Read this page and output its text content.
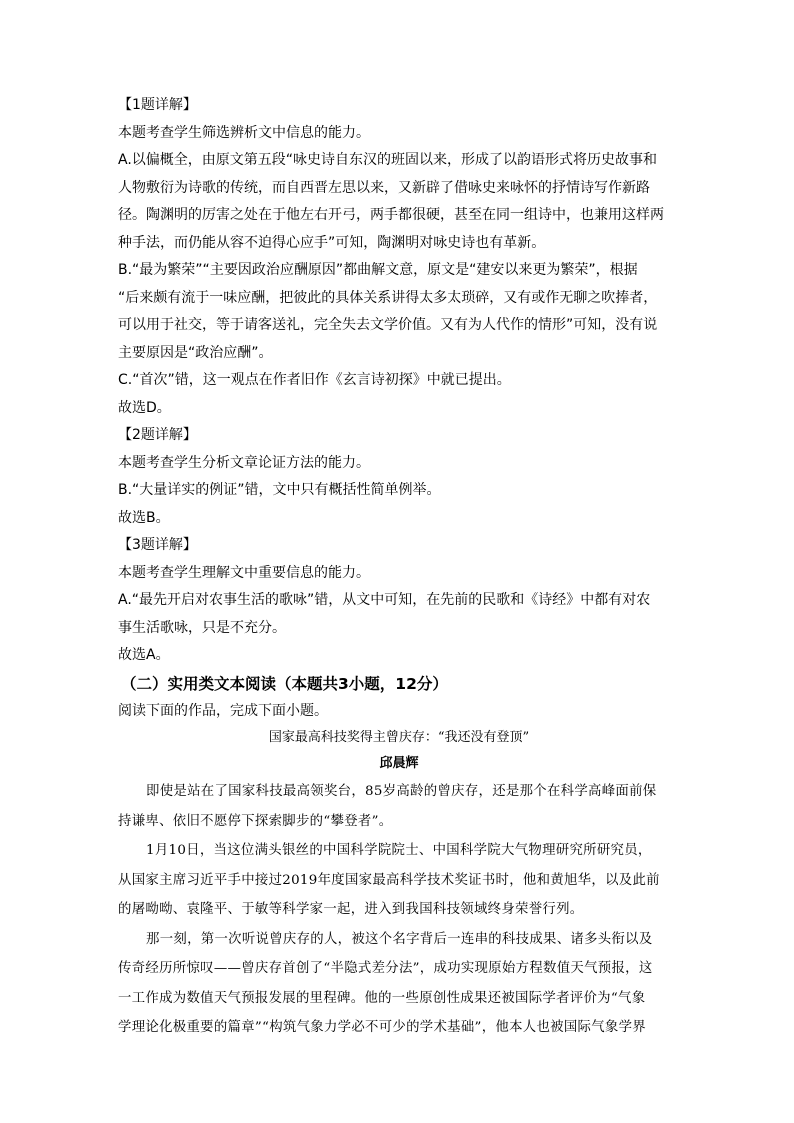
【1题详解】
本题考查学生筛选辨析文中信息的能力。
A.以偏概全，由原文第五段“咏史诗自东汉的班固以来，形成了以韵语形式将历史故事和
人物敷衍为诗歌的传统，而自西晋左思以来，又新辟了借咏史来咏怀的抒情诗写作新路
径。陶渊明的厉害之处在于他左右开弓，两手都很硬，甚至在同一组诗中，也兼用这样两
种手法，而仍能从容不迫得心应手”可知，陶渊明对咏史诗也有革新。
B.“最为繁荣”“主要因政治应酬原因”都曲解文意，原文是“建安以来更为繁荣”，根据
“后来颇有流于一味应酬，把彼此的具体关系讲得太多太琐碎，又有或作无聊之吹捧者，
可以用于社交，等于请客送礼，完全失去文学价值。又有为人代作的情形”可知，没有说
主要原因是“政治应酬”。
C.“首次”错，这一观点在作者旧作《玄言诗初探》中就已提出。
故选D。
【2题详解】
本题考查学生分析文章论证方法的能力。
B.“大量详实的例证”错，文中只有概括性简单例举。
故选B。
【3题详解】
本题考查学生理解文中重要信息的能力。
A.“最先开启对农事生活的歌咏”错，从文中可知，在先前的民歌和《诗经》中都有对农
事生活歌咏，只是不充分。
故选A。
（二）实用类文本阅读（本题共3小题，12分）
阅读下面的作品，完成下面小题。
国家最高科技奖得主曾庆存：“我还没有登顶”
邱晨辉
即使是站在了国家科技最高领奖台，85岁高龄的曾庆存，还是那个在科学高峰面前保
持谦卑、依旧不愿停下探索脚步的“攀登者”。
1月10日，当这位满头银丝的中国科学院院士、中国科学院大气物理研究所研究员，
从国家主席习近平手中接过2019年度国家最高科学技术奖证书时，他和黄旭华，以及此前
的屠呦呦、袁隆平、于敏等科学家一起，进入到我国科技领域终身荣誉行列。
那一刻，第一次听说曾庆存的人，被这个名字背后一连串的科技成果、诸多头衔以及
传奇经历所惊叹——曾庆存首创了“半隐式差分法”，成功实现原始方程数值天气预报，这
一工作成为数值天气预报发展的里程碑。他的一些原创性成果还被国际学者评价为“气象
学理论化极重要的篇章”“构筑气象力学必不可少的学术基础”，他本人也被国际气象学界
